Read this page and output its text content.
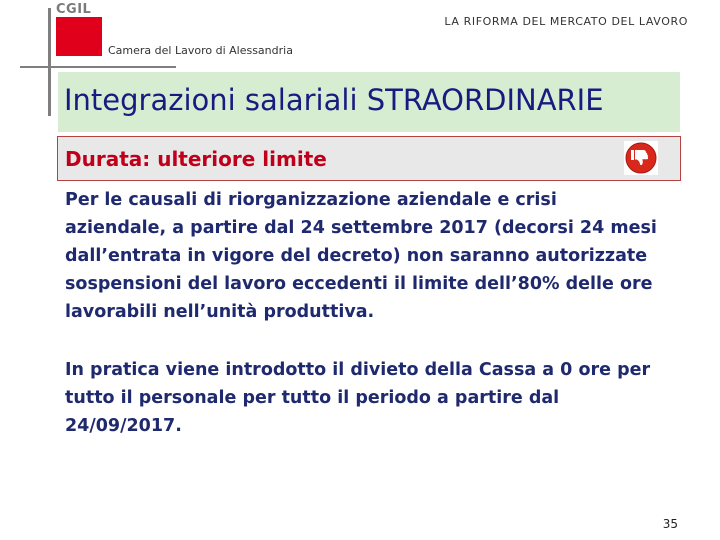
CGIL
Camera del Lavoro di Alessandria
LA RIFORMA DEL MERCATO DEL LAVORO
Integrazioni salariali STRAORDINARIE
Durata: ulteriore limite
Per le causali di riorganizzazione aziendale e crisi
aziendale, a partire dal 24 settembre 2017 (decorsi 24 mesi
dall’entrata in vigore del decreto) non saranno autorizzate
sospensioni del lavoro eccedenti il limite dell’80% delle ore
lavorabili nell’unità produttiva.
In pratica viene introdotto il divieto della Cassa a 0 ore per
tutto il personale per tutto il periodo a partire dal
24/09/2017.
35
